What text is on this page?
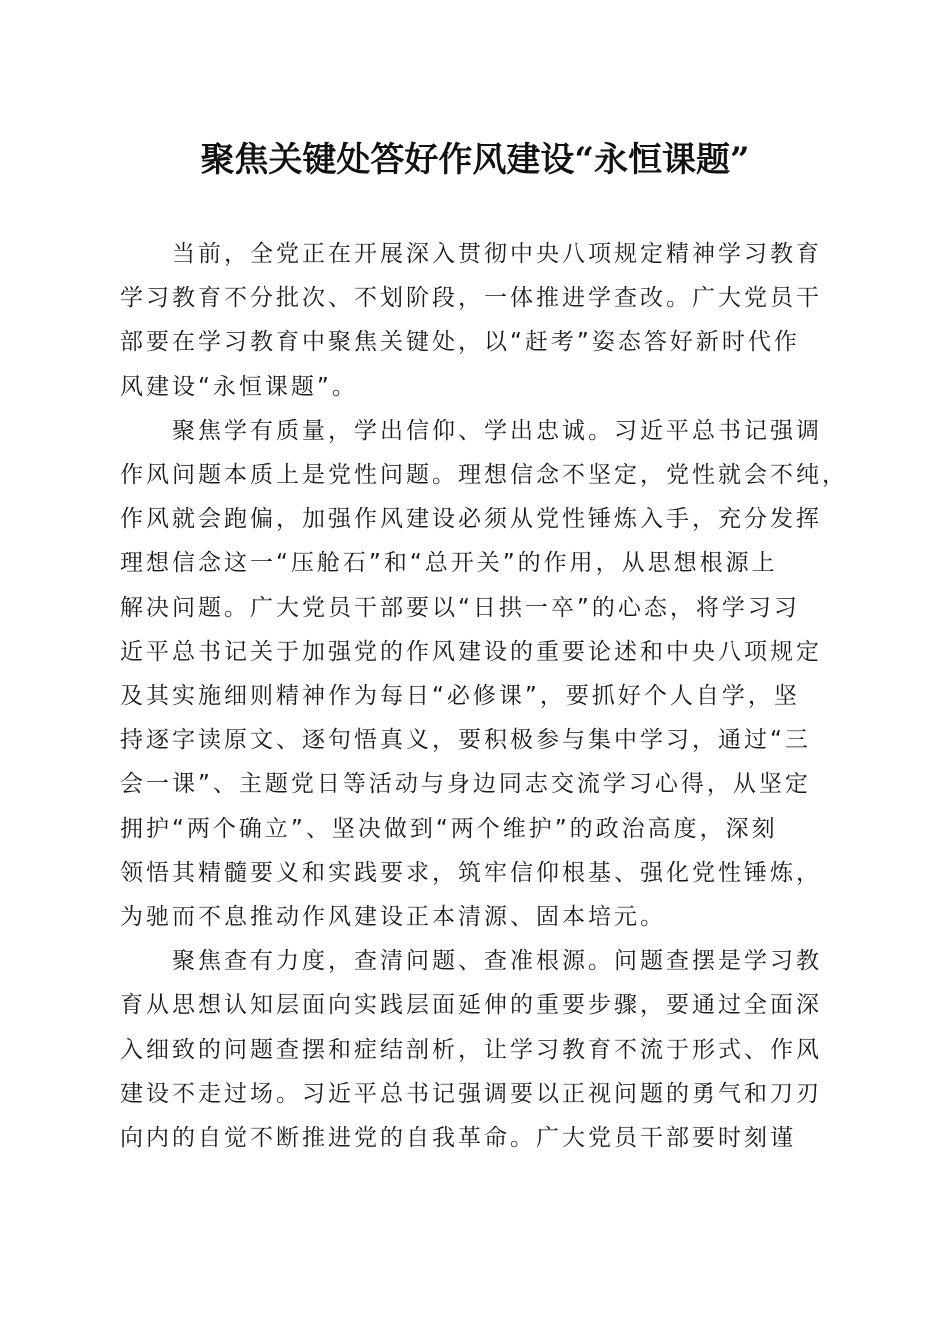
聚焦关键处答好作风建设“永恒课题”

当前，全党正在开展深入贯彻中央八项规定精神学习教育
学习教育不分批次、不划阶段，一体推进学查改。广大党员干
部要在学习教育中聚焦关键处，以“赶考”姿态答好新时代作
风建设“永恒课题”。

聚焦学有质量，学出信仰、学出忠诚。习近平总书记强调
作风问题本质上是党性问题。理想信念不坚定，党性就会不纯，
作风就会跑偏，加强作风建设必须从党性锤炼入手，充分发挥
理想信念这一“压舱石”和“总开关”的作用，从思想根源上
解决问题。广大党员干部要以“日拱一卒”的心态，将学习习
近平总书记关于加强党的作风建设的重要论述和中央八项规定
及其实施细则精神作为每日“必修课”，要抓好个人自学，坚
持逐字读原文、逐句悟真义，要积极参与集中学习，通过“三
会一课”、主题党日等活动与身边同志交流学习心得，从坚定
拥护“两个确立”、坚决做到“两个维护”的政治高度，深刻
领悟其精髓要义和实践要求，筑牢信仰根基、强化党性锤炼，
为驰而不息推动作风建设正本清源、固本培元。

聚焦查有力度，查清问题、查准根源。问题查摆是学习教
育从思想认知层面向实践层面延伸的重要步骤，要通过全面深
入细致的问题查摆和症结剖析，让学习教育不流于形式、作风
建设不走过场。习近平总书记强调要以正视问题的勇气和刀刃
向内的自觉不断推进党的自我革命。广大党员干部要时刻谨
